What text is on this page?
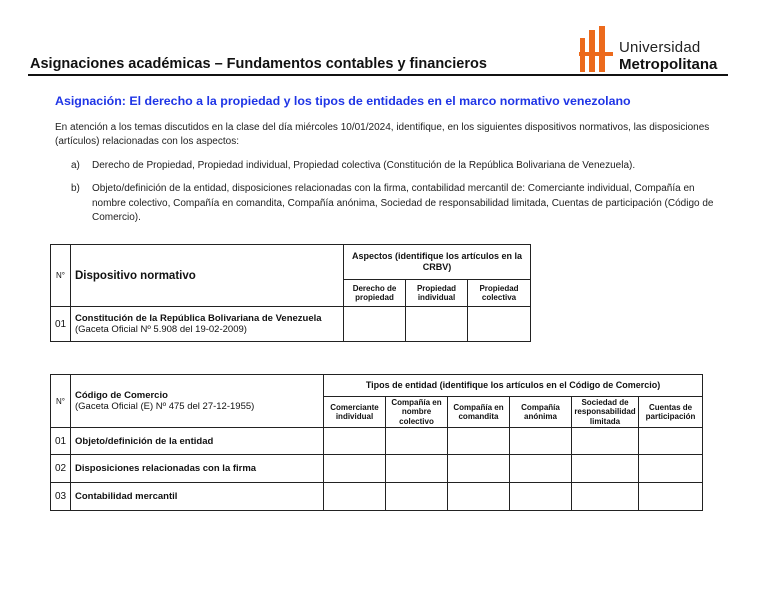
Asignaciones académicas – Fundamentos contables y financieros
Universidad
Metropolitana
Asignación: El derecho a la propiedad y los tipos de entidades en el marco normativo venezolano
En atención a los temas discutidos en la clase del día miércoles 10/01/2024, identifique, en los siguientes dispositivos normativos, las disposiciones (artículos) relacionadas con los aspectos:
a)	Derecho de Propiedad, Propiedad individual, Propiedad colectiva (Constitución de la República Bolivariana de Venezuela).
b)	Objeto/definición de la entidad, disposiciones relacionadas con la firma, contabilidad mercantil de: Comerciante individual, Compañía en nombre colectivo, Compañía en comandita, Compañía anónima, Sociedad de responsabilidad limitada, Cuentas de participación (Código de Comercio).
N°	Dispositivo normativo	Aspectos (identifique los artículos en la CRBV)		
		Derecho de propiedad	Propiedad individual	Propiedad colectiva
01	Constitución de la República Bolivariana de Venezuela
(Gaceta Oficial Nº 5.908 del 19-02-2009)			
N°	Código de Comercio
(Gaceta Oficial (E) Nº 475 del 27-12-1955)	Tipos de entidad (identifique los artículos en el Código de Comercio)					
		Comerciante individual	Compañía en nombre colectivo	Compañía en comandita	Compañía anónima	Sociedad de responsabilidad limitada	Cuentas de participación
01	Objeto/definición de la entidad						
02	Disposiciones relacionadas con la firma						
03	Contabilidad mercantil						
